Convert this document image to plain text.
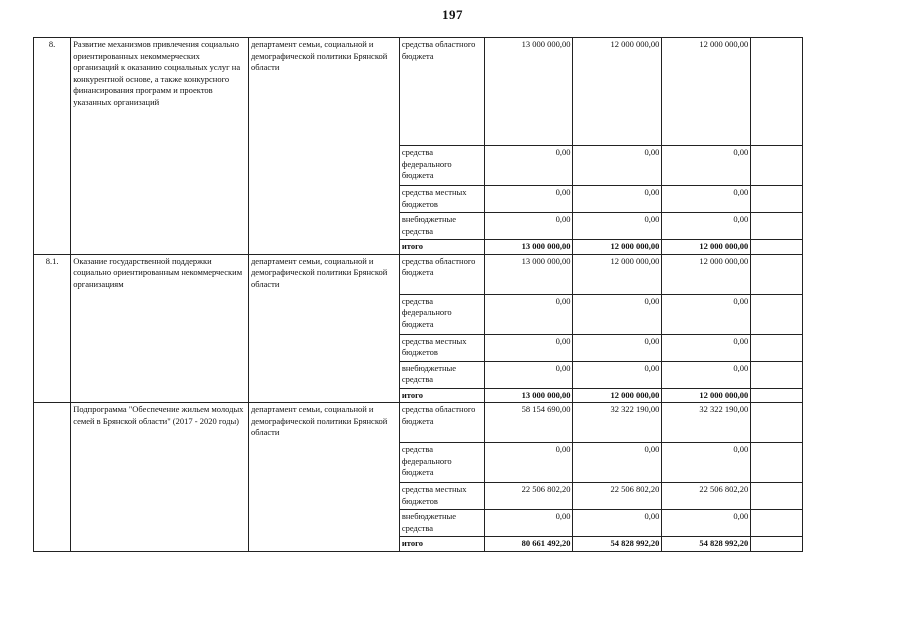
197
8.	Развитие механизмов привлечения социально ориентированных некоммерческих организаций к оказанию социальных услуг на конкурентной основе, а также конкурсного финансирования программ и проектов указанных организаций	департамент семьи, социальной и демографической политики Брянской области	средства областного бюджета	13 000 000,00	12 000 000,00	12 000 000,00	
			средства федерального бюджета	0,00	0,00	0,00	
			средства местных бюджетов	0,00	0,00	0,00	
			внебюджетные средства	0,00	0,00	0,00	
			итого	13 000 000,00	12 000 000,00	12 000 000,00	
8.1.	Оказание государственной поддержки социально ориентированным некоммерческим организациям	департамент семьи, социальной и демографической политики Брянской области	средства областного бюджета	13 000 000,00	12 000 000,00	12 000 000,00	
			средства федерального бюджета	0,00	0,00	0,00	
			средства местных бюджетов	0,00	0,00	0,00	
			внебюджетные средства	0,00	0,00	0,00	
			итого	13 000 000,00	12 000 000,00	12 000 000,00	
	Подпрограмма "Обеспечение жильем молодых семей в Брянской области" (2017 - 2020 годы)	департамент семьи, социальной и демографической политики Брянской области	средства областного бюджета	58 154 690,00	32 322 190,00	32 322 190,00	
			средства федерального бюджета	0,00	0,00	0,00	
			средства местных бюджетов	22 506 802,20	22 506 802,20	22 506 802,20	
			внебюджетные средства	0,00	0,00	0,00	
			итого	80 661 492,20	54 828 992,20	54 828 992,20	
